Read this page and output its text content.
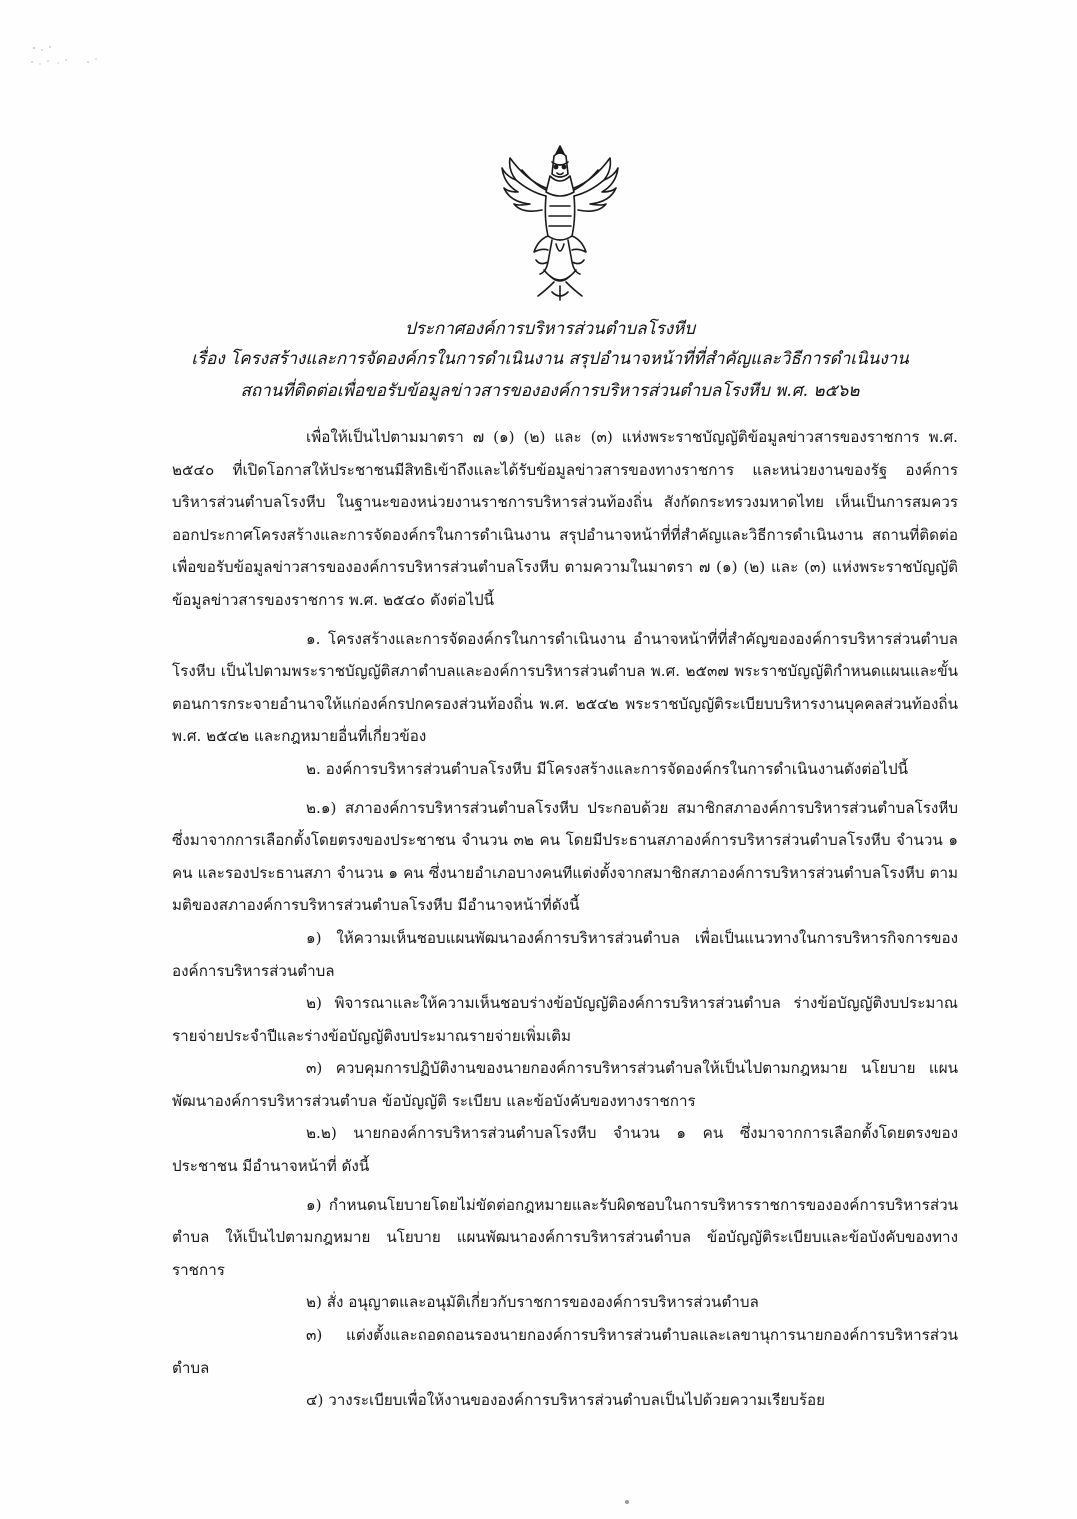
ประกาศองค์การบริหารส่วนตำบลโรงหีบ
เรื่อง โครงสร้างและการจัดองค์กรในการดำเนินงาน สรุปอำนาจหน้าที่ที่สำคัญและวิธีการดำเนินงาน
สถานที่ติดต่อเพื่อขอรับข้อมูลข่าวสารขององค์การบริหารส่วนตำบลโรงหีบ พ.ศ. ๒๕๖๒

เพื่อให้เป็นไปตามมาตรา ๗ (๑) (๒) และ (๓) แห่งพระราชบัญญัติข้อมูลข่าวสารของราชการ พ.ศ. ๒๕๔๐ ที่เปิดโอกาสให้ประชาชนมีสิทธิเข้าถึงและได้รับข้อมูลข่าวสารของทางราชการ และหน่วยงานของรัฐ องค์การบริหารส่วนตำบลโรงหีบ ในฐานะของหน่วยงานราชการบริหารส่วนท้องถิ่น สังกัดกระทรวงมหาดไทย เห็นเป็นการสมควรออกประกาศโครงสร้างและการจัดองค์กรในการดำเนินงาน สรุปอำนาจหน้าที่ที่สำคัญและวิธีการดำเนินงาน สถานที่ติดต่อเพื่อขอรับข้อมูลข่าวสารขององค์การบริหารส่วนตำบลโรงหีบ ตามความในมาตรา ๗ (๑) (๒) และ (๓) แห่งพระราชบัญญัติข้อมูลข่าวสารของราชการ พ.ศ. ๒๕๔๐ ดังต่อไปนี้

๑. โครงสร้างและการจัดองค์กรในการดำเนินงาน อำนาจหน้าที่ที่สำคัญขององค์การบริหารส่วนตำบลโรงหีบ เป็นไปตามพระราชบัญญัติสภาตำบลและองค์การบริหารส่วนตำบล พ.ศ. ๒๕๓๗ พระราชบัญญัติกำหนดแผนและขั้นตอนการกระจายอำนาจให้แก่องค์กรปกครองส่วนท้องถิ่น พ.ศ. ๒๕๔๒ พระราชบัญญัติระเบียบบริหารงานบุคคลส่วนท้องถิ่น พ.ศ. ๒๕๔๒ และกฎหมายอื่นที่เกี่ยวข้อง

๒. องค์การบริหารส่วนตำบลโรงหีบ มีโครงสร้างและการจัดองค์กรในการดำเนินงานดังต่อไปนี้

๒.๑) สภาองค์การบริหารส่วนตำบลโรงหีบ ประกอบด้วย สมาชิกสภาองค์การบริหารส่วนตำบลโรงหีบ ซึ่งมาจากการเลือกตั้งโดยตรงของประชาชน จำนวน ๓๒ คน โดยมีประธานสภาองค์การบริหารส่วนตำบลโรงหีบ จำนวน ๑ คน และรองประธานสภา จำนวน ๑ คน ซึ่งนายอำเภอบางคนทีแต่งตั้งจากสมาชิกสภาองค์การบริหารส่วนตำบลโรงหีบ ตามมติของสภาองค์การบริหารส่วนตำบลโรงหีบ มีอำนาจหน้าที่ดังนี้

๑) ให้ความเห็นชอบแผนพัฒนาองค์การบริหารส่วนตำบล เพื่อเป็นแนวทางในการบริหารกิจการขององค์การบริหารส่วนตำบล

๒) พิจารณาและให้ความเห็นชอบร่างข้อบัญญัติองค์การบริหารส่วนตำบล ร่างข้อบัญญัติงบประมาณรายจ่ายประจำปีและร่างข้อบัญญัติงบประมาณรายจ่ายเพิ่มเติม

๓) ควบคุมการปฏิบัติงานของนายกองค์การบริหารส่วนตำบลให้เป็นไปตามกฎหมาย นโยบาย แผนพัฒนาองค์การบริหารส่วนตำบล ข้อบัญญัติ ระเบียบ และข้อบังคับของทางราชการ

๒.๒) นายกองค์การบริหารส่วนตำบลโรงหีบ จำนวน ๑ คน ซึ่งมาจากการเลือกตั้งโดยตรงของประชาชน มีอำนาจหน้าที่ ดังนี้

๑) กำหนดนโยบายโดยไม่ขัดต่อกฎหมายและรับผิดชอบในการบริหารราชการขององค์การบริหารส่วนตำบล ให้เป็นไปตามกฎหมาย นโยบาย แผนพัฒนาองค์การบริหารส่วนตำบล ข้อบัญญัติระเบียบและข้อบังคับของทางราชการ

๒) สั่ง อนุญาตและอนุมัติเกี่ยวกับราชการขององค์การบริหารส่วนตำบล

๓) แต่งตั้งและถอดถอนรองนายกองค์การบริหารส่วนตำบลและเลขานุการนายกองค์การบริหารส่วนตำบล

๔) วางระเบียบเพื่อให้งานขององค์การบริหารส่วนตำบลเป็นไปด้วยความเรียบร้อย
